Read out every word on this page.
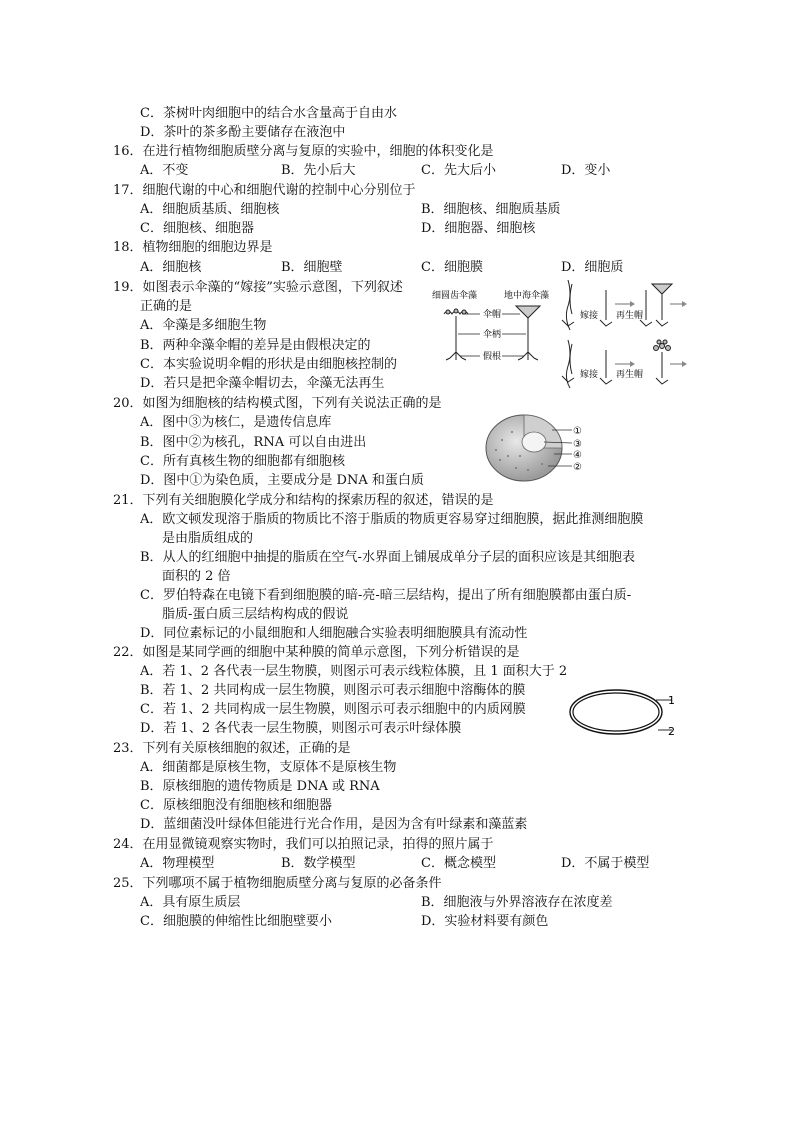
C．茶树叶肉细胞中的结合水含量高于自由水
D．茶叶的茶多酚主要储存在液泡中
16．在进行植物细胞质壁分离与复原的实验中，细胞的体积变化是
A．不变	B．先小后大	C．先大后小	D．变小
17．细胞代谢的中心和细胞代谢的控制中心分别位于
A．细胞质基质、细胞核	B．细胞核、细胞质基质
C．细胞核、细胞器	D．细胞器、细胞核
18．植物细胞的细胞边界是
A．细胞核	B．细胞壁	C．细胞膜	D．细胞质
19．如图表示伞藻的“嫁接”实验示意图，下列叙述
正确的是
A．伞藻是多细胞生物
B．两种伞藻伞帽的差异是由假根决定的
C．本实验说明伞帽的形状是由细胞核控制的
D．若只是把伞藻伞帽切去，伞藻无法再生
细圆齿伞藻	地中海伞藻
伞帽
伞柄
假根
嫁接 再生帽
嫁接 再生帽
20．如图为细胞核的结构模式图，下列有关说法正确的是
A．图中③为核仁，是遗传信息库
B．图中②为核孔，RNA 可以自由进出
C．所有真核生物的细胞都有细胞核
D．图中①为染色质，主要成分是 DNA 和蛋白质
①
③
④
②
21．下列有关细胞膜化学成分和结构的探索历程的叙述，错误的是
A．欧文顿发现溶于脂质的物质比不溶于脂质的物质更容易穿过细胞膜，据此推测细胞膜
是由脂质组成的
B．从人的红细胞中抽提的脂质在空气-水界面上铺展成单分子层的面积应该是其细胞表
面积的 2 倍
C．罗伯特森在电镜下看到细胞膜的暗-亮-暗三层结构，提出了所有细胞膜都由蛋白质-
脂质-蛋白质三层结构构成的假说
D．同位素标记的小鼠细胞和人细胞融合实验表明细胞膜具有流动性
22．如图是某同学画的细胞中某种膜的简单示意图，下列分析错误的是
A．若 1、2 各代表一层生物膜，则图示可表示线粒体膜，且 1 面积大于 2
B．若 1、2 共同构成一层生物膜，则图示可表示细胞中溶酶体的膜
C．若 1、2 共同构成一层生物膜，则图示可表示细胞中的内质网膜
D．若 1、2 各代表一层生物膜，则图示可表示叶绿体膜
1
2
23．下列有关原核细胞的叙述，正确的是
A．细菌都是原核生物，支原体不是原核生物
B．原核细胞的遗传物质是 DNA 或 RNA
C．原核细胞没有细胞核和细胞器
D．蓝细菌没叶绿体但能进行光合作用，是因为含有叶绿素和藻蓝素
24．在用显微镜观察实物时，我们可以拍照记录，拍得的照片属于
A．物理模型	B．数学模型	C．概念模型	D．不属于模型
25．下列哪项不属于植物细胞质壁分离与复原的必备条件
A．具有原生质层	B．细胞液与外界溶液存在浓度差
C．细胞膜的伸缩性比细胞壁要小	D．实验材料要有颜色
